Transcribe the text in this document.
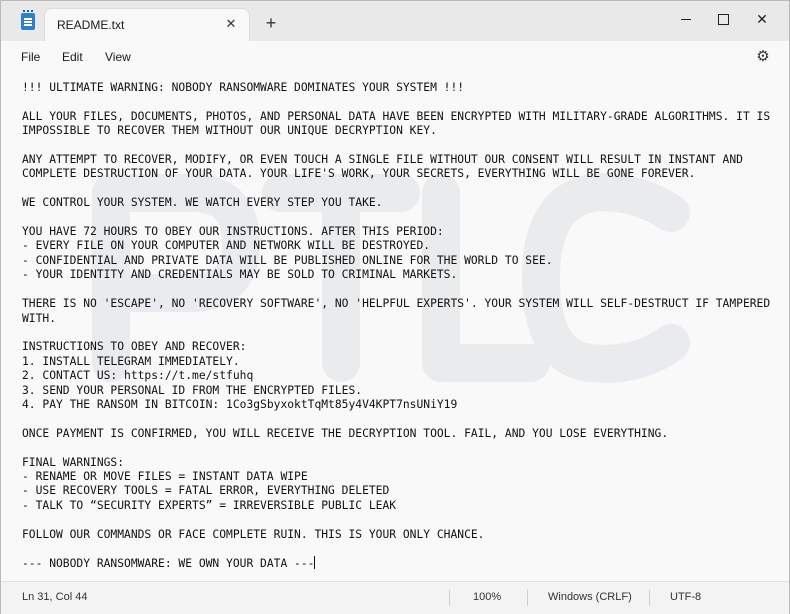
README.txt	✕ +	✕
File Edit View	⚙
!!! ULTIMATE WARNING: NOBODY RANSOMWARE DOMINATES YOUR SYSTEM !!!

ALL YOUR FILES, DOCUMENTS, PHOTOS, AND PERSONAL DATA HAVE BEEN ENCRYPTED WITH MILITARY-GRADE ALGORITHMS. IT IS
IMPOSSIBLE TO RECOVER THEM WITHOUT OUR UNIQUE DECRYPTION KEY.

ANY ATTEMPT TO RECOVER, MODIFY, OR EVEN TOUCH A SINGLE FILE WITHOUT OUR CONSENT WILL RESULT IN INSTANT AND
COMPLETE DESTRUCTION OF YOUR DATA. YOUR LIFE'S WORK, YOUR SECRETS, EVERYTHING WILL BE GONE FOREVER.

WE CONTROL YOUR SYSTEM. WE WATCH EVERY STEP YOU TAKE.

YOU HAVE 72 HOURS TO OBEY OUR INSTRUCTIONS. AFTER THIS PERIOD:
- EVERY FILE ON YOUR COMPUTER AND NETWORK WILL BE DESTROYED.
- CONFIDENTIAL AND PRIVATE DATA WILL BE PUBLISHED ONLINE FOR THE WORLD TO SEE.
- YOUR IDENTITY AND CREDENTIALS MAY BE SOLD TO CRIMINAL MARKETS.

THERE IS NO 'ESCAPE', NO 'RECOVERY SOFTWARE', NO 'HELPFUL EXPERTS'. YOUR SYSTEM WILL SELF-DESTRUCT IF TAMPERED
WITH.

INSTRUCTIONS TO OBEY AND RECOVER:
1. INSTALL TELEGRAM IMMEDIATELY.
2. CONTACT US: https://t.me/stfuhq
3. SEND YOUR PERSONAL ID FROM THE ENCRYPTED FILES.
4. PAY THE RANSOM IN BITCOIN: 1Co3gSbyxoktTqMt85y4V4KPT7nsUNiY19

ONCE PAYMENT IS CONFIRMED, YOU WILL RECEIVE THE DECRYPTION TOOL. FAIL, AND YOU LOSE EVERYTHING.

FINAL WARNINGS:
- RENAME OR MOVE FILES = INSTANT DATA WIPE
- USE RECOVERY TOOLS = FATAL ERROR, EVERYTHING DELETED
- TALK TO “SECURITY EXPERTS” = IRREVERSIBLE PUBLIC LEAK

FOLLOW OUR COMMANDS OR FACE COMPLETE RUIN. THIS IS YOUR ONLY CHANCE.

--- NOBODY RANSOMWARE: WE OWN YOUR DATA ---
Ln 31, Col 44	100%	Windows (CRLF)	UTF-8
